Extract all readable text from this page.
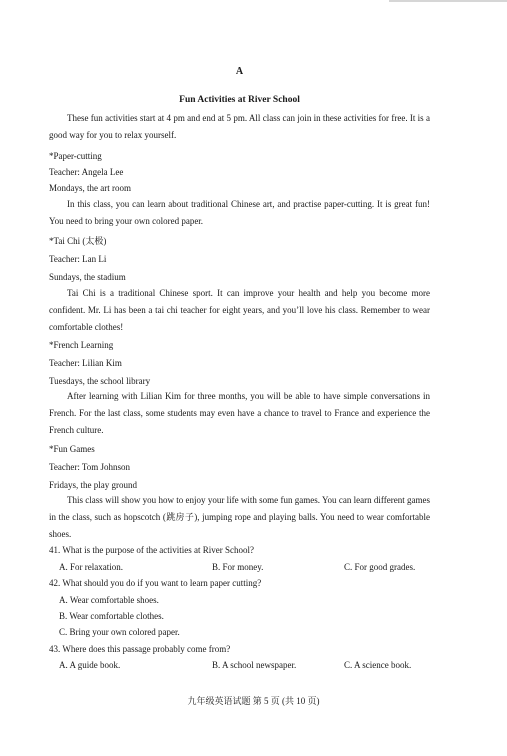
A
Fun Activities at River School
These fun activities start at 4 pm and end at 5 pm. All class can join in these activities for free. It is a good way for you to relax yourself.
*Paper-cutting
Teacher: Angela Lee
Mondays, the art room
In this class, you can learn about traditional Chinese art, and practise paper-cutting. It is great fun! You need to bring your own colored paper.
*Tai Chi (太极)
Teacher: Lan Li
Sundays, the stadium
Tai Chi is a traditional Chinese sport. It can improve your health and help you become more confident. Mr. Li has been a tai chi teacher for eight years, and you’ll love his class. Remember to wear comfortable clothes!
*French Learning
Teacher: Lilian Kim
Tuesdays, the school library
After learning with Lilian Kim for three months, you will be able to have simple conversations in French. For the last class, some students may even have a chance to travel to France and experience the French culture.
*Fun Games
Teacher: Tom Johnson
Fridays, the play ground
This class will show you how to enjoy your life with some fun games. You can learn different games in the class, such as hopscotch (跳房子), jumping rope and playing balls. You need to wear comfortable shoes.
41. What is the purpose of the activities at River School?
A. For relaxation.	B. For money.	C. For good grades.
42. What should you do if you want to learn paper cutting?
A. Wear comfortable shoes.
B. Wear comfortable clothes.
C. Bring your own colored paper.
43. Where does this passage probably come from?
A. A guide book.	B. A school newspaper.	C. A science book.
九年级英语试题 第 5 页 (共 10 页)
